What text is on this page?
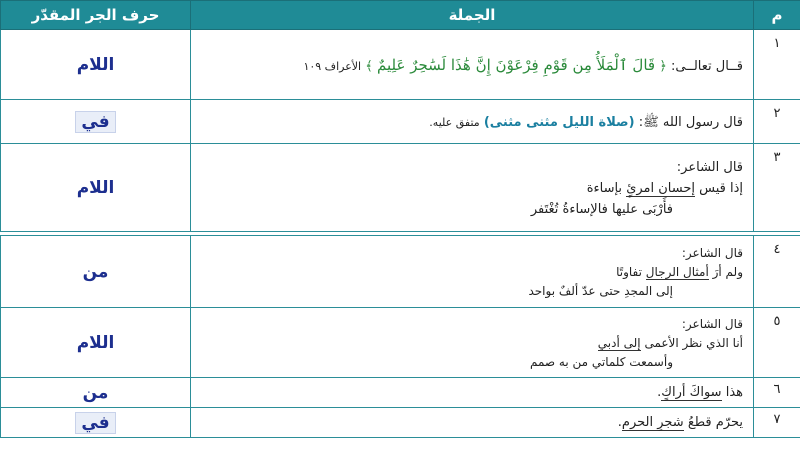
م	الجملة	حرف الجر المقدّر
١	قــال تعالــى: ﴿ قَالَ ٱلْمَلَأُ مِن قَوْمِ فِرْعَوْنَ إِنَّ هَٰذَا لَسَٰحِرٌ عَلِيمٌ ﴾ الأعراف ١٠٩	اللام
٢	قال رسول الله ﷺ: (صلاة الليل مثنى مثنى) متفق عليه.	في
٣	قال الشاعر:
إذا قيس إحسان امرئٍ بإساءة
فأَرْبَى عليها فالإساءةُ تُغْتَفر	اللام

٤	قال الشاعر:
ولم أرَ أمثال الرجال تفاوتًا
إلى المجدِ حتى عدّ ألفٌ بواحد	من
٥	قال الشاعر:
أنا الذي نظر الأعمى إلى أدبي
وأسمعت كلماتي من به صمم	اللام
٦	هذا سواكَ أراكٍ.	من
٧	يحرّم قطعُ شجرِ الحرم.	في
